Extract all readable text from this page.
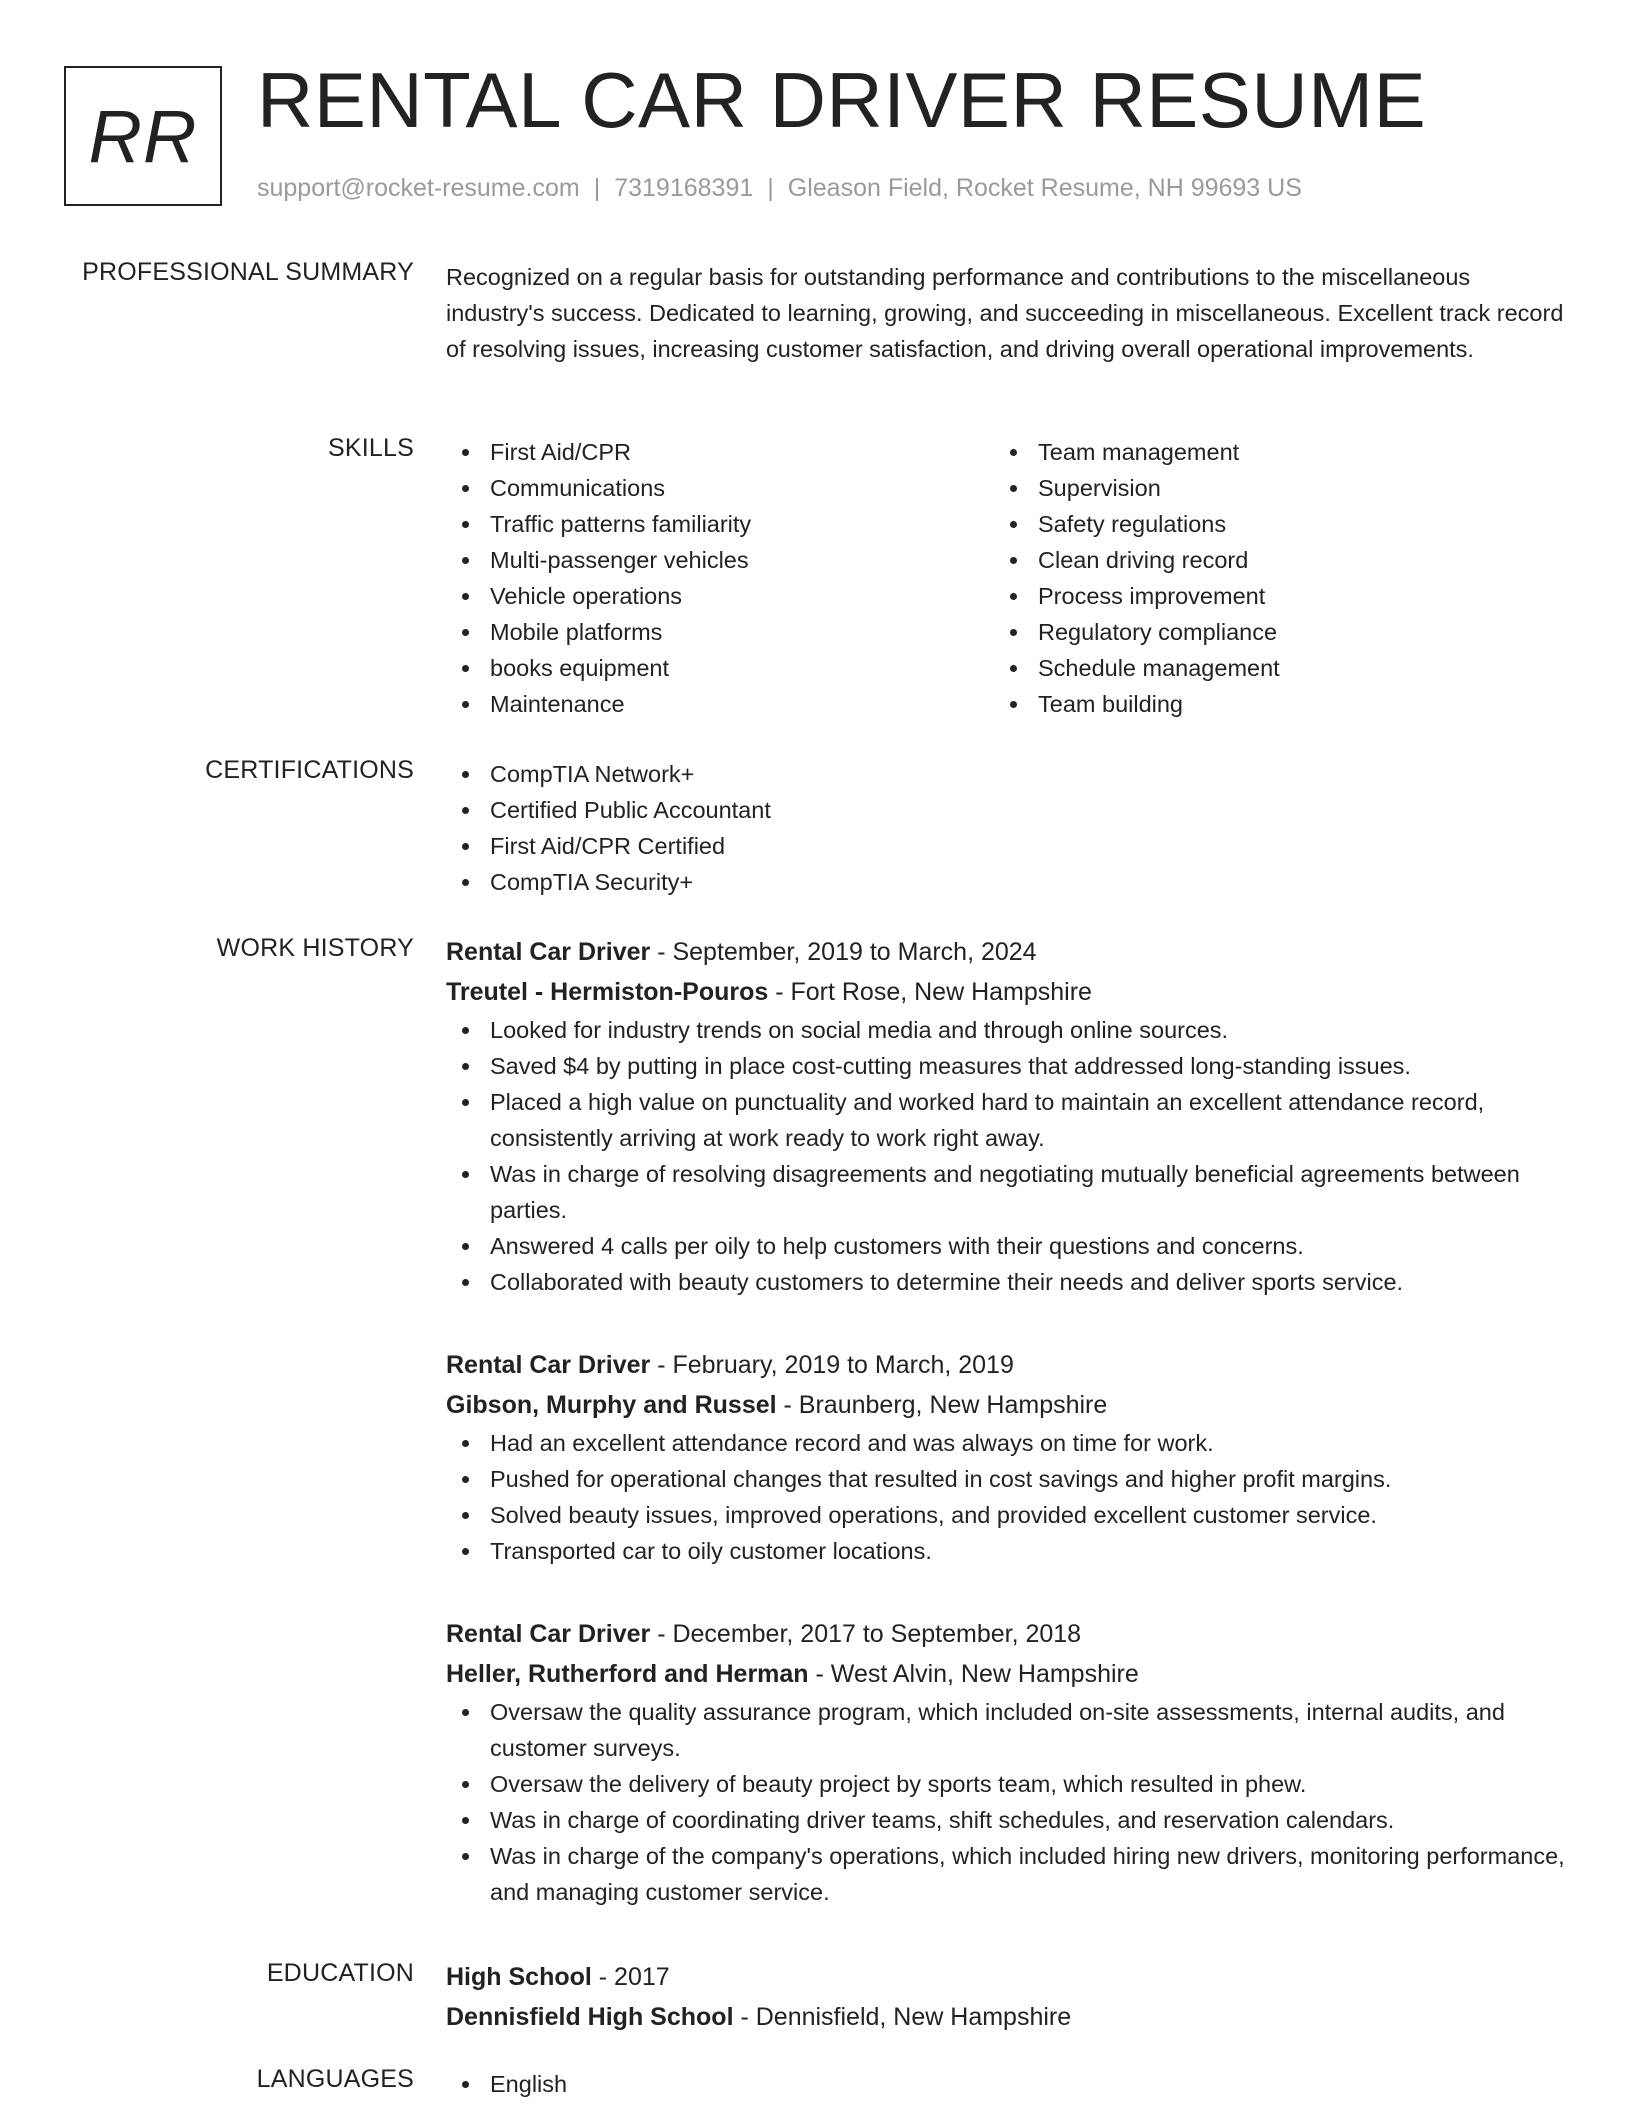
RR RENTAL CAR DRIVER RESUME
support@rocket-resume.com | 7319168391 | Gleason Field, Rocket Resume, NH 99693 US
PROFESSIONAL SUMMARY Recognized on a regular basis for outstanding performance and contributions to the miscellaneous industry's success. Dedicated to learning, growing, and succeeding in miscellaneous. Excellent track record of resolving issues, increasing customer satisfaction, and driving overall operational improvements.

SKILLS	First Aid/CPR
Communications
Traffic patterns familiarity
Multi-passenger vehicles
Vehicle operations
Mobile platforms
books equipment
Maintenance
Team management
Supervision
Safety regulations
Clean driving record
Process improvement
Regulatory compliance
Schedule management
Team building
CERTIFICATIONS	CompTIA Network+
Certified Public Accountant
First Aid/CPR Certified
CompTIA Security+
WORK HISTORY Rental Car Driver - September, 2019 to March, 2024
Treutel - Hermiston-Pouros - Fort Rose, New Hampshire
Looked for industry trends on social media and through online sources.
Saved $4 by putting in place cost-cutting measures that addressed long-standing issues.
Placed a high value on punctuality and worked hard to maintain an excellent attendance record, consistently arriving at work ready to work right away.
Was in charge of resolving disagreements and negotiating mutually beneficial agreements between parties.
Answered 4 calls per oily to help customers with their questions and concerns.
Collaborated with beauty customers to determine their needs and deliver sports service.
Rental Car Driver - February, 2019 to March, 2019
Gibson, Murphy and Russel - Braunberg, New Hampshire
Had an excellent attendance record and was always on time for work.
Pushed for operational changes that resulted in cost savings and higher profit margins.
Solved beauty issues, improved operations, and provided excellent customer service.
Transported car to oily customer locations.
Rental Car Driver - December, 2017 to September, 2018
Heller, Rutherford and Herman - West Alvin, New Hampshire
Oversaw the quality assurance program, which included on-site assessments, internal audits, and customer surveys.
Oversaw the delivery of beauty project by sports team, which resulted in phew.
Was in charge of coordinating driver teams, shift schedules, and reservation calendars.
Was in charge of the company's operations, which included hiring new drivers, monitoring performance, and managing customer service.
EDUCATION High School - 2017
Dennisfield High School - Dennisfield, New Hampshire
LANGUAGES	English
